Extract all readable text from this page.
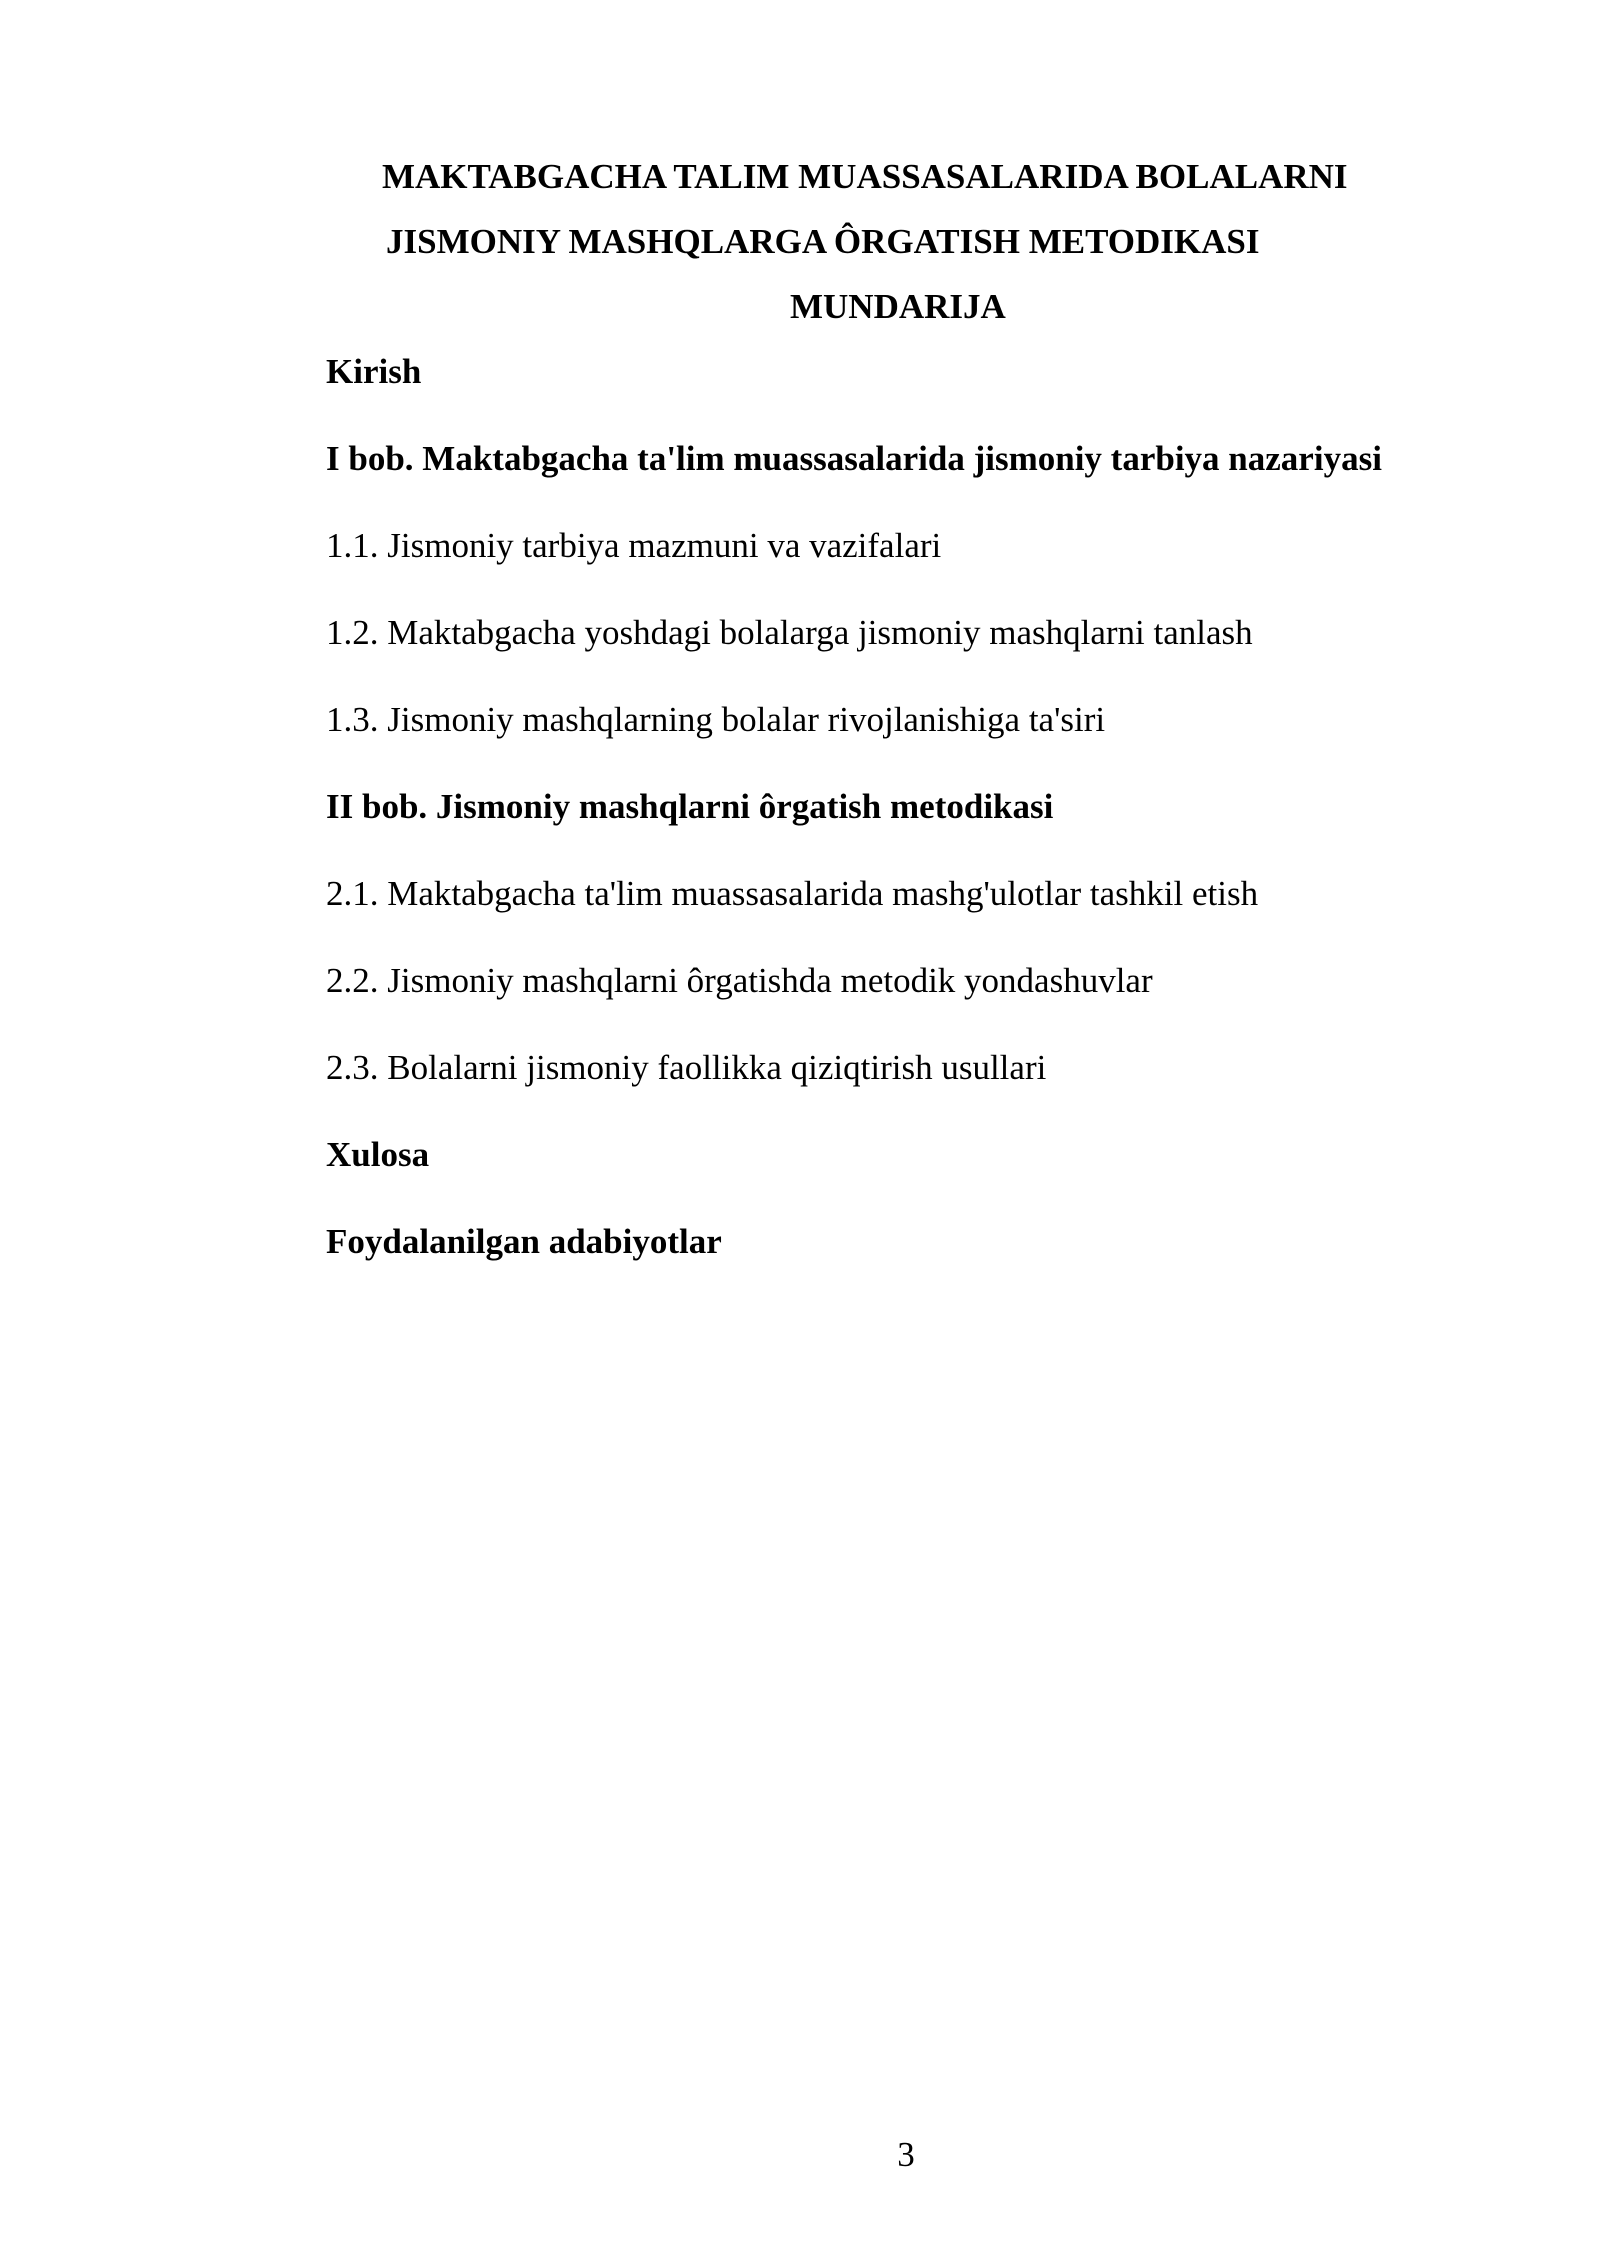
MAKTABGACHA TALIM MUASSASALARIDA BOLALARNI
JISMONIY MASHQLARGA ÔRGATISH METODIKASI
MUNDARIJA
Kirish
I bob. Maktabgacha ta'lim muassasalarida jismoniy tarbiya nazariyasi
1.1. Jismoniy tarbiya mazmuni va vazifalari
1.2. Maktabgacha yoshdagi bolalarga jismoniy mashqlarni tanlash
1.3. Jismoniy mashqlarning bolalar rivojlanishiga ta'siri
II bob. Jismoniy mashqlarni ôrgatish metodikasi
2.1. Maktabgacha ta'lim muassasalarida mashg'ulotlar tashkil etish
2.2. Jismoniy mashqlarni ôrgatishda metodik yondashuvlar
2.3. Bolalarni jismoniy faollikka qiziqtirish usullari
Xulosa
Foydalanilgan adabiyotlar
3
